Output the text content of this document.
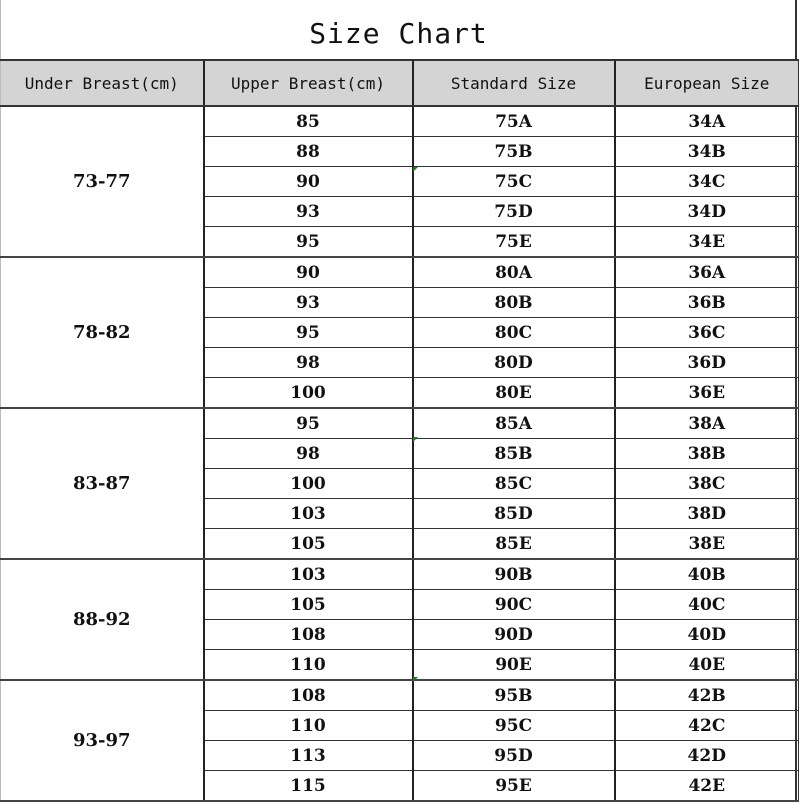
Size Chart
Under Breast(cm)	Upper Breast(cm)	Standard Size	European Size
73-77	85	75A	34A
	88	75B	34B
	90	75C	34C
	93	75D	34D
	95	75E	34E
78-82	90	80A	36A
	93	80B	36B
	95	80C	36C
	98	80D	36D
	100	80E	36E
83-87	95	85A	38A
	98	85B	38B
	100	85C	38C
	103	85D	38D
	105	85E	38E
88-92	103	90B	40B
	105	90C	40C
	108	90D	40D
	110	90E	40E
93-97	108	95B	42B
	110	95C	42C
	113	95D	42D
	115	95E	42E
